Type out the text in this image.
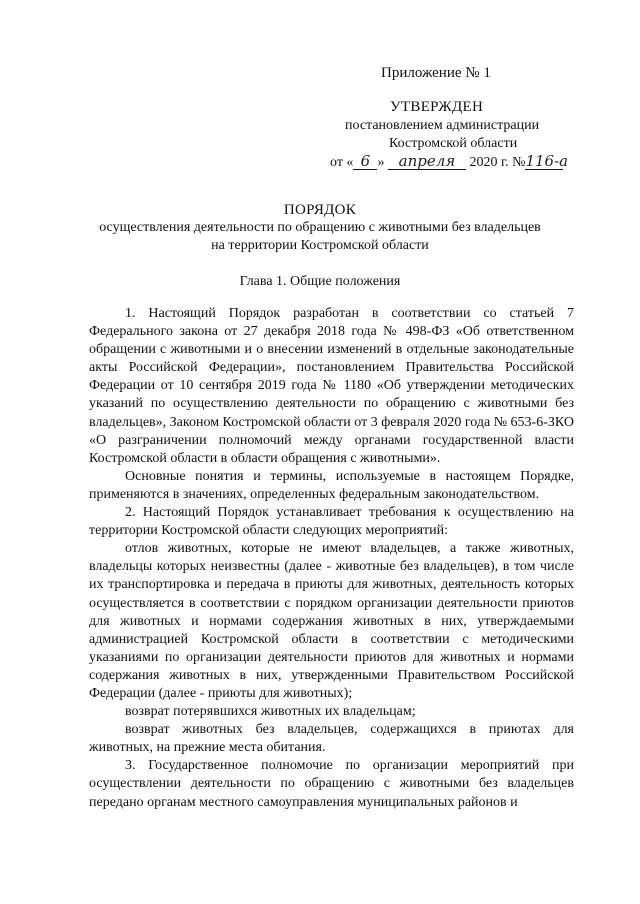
Приложение № 1
УТВЕРЖДЕН
постановлением администрации
Костромской области
от « 6 » апреля 2020 г. №116-а
ПОРЯДОК
осуществления деятельности по обращению с животными без владельцев
на территории Костромской области
Глава 1. Общие положения

1. Настоящий Порядок разработан в соответствии со статьей 7 Федерального закона от 27 декабря 2018 года № 498-ФЗ «Об ответственном обращении с животными и о внесении изменений в отдельные законодательные акты Российской Федерации», постановлением Правительства Российской Федерации от 10 сентября 2019 года № 1180 «Об утверждении методических указаний по осуществлению деятельности по обращению с животными без владельцев», Законом Костромской области от 3 февраля 2020 года № 653-6-ЗКО «О разграничении полномочий между органами государственной власти Костромской области в области обращения с животными».

Основные понятия и термины, используемые в настоящем Порядке, применяются в значениях, определенных федеральным законодательством.

2. Настоящий Порядок устанавливает требования к осуществлению на территории Костромской области следующих мероприятий:

отлов животных, которые не имеют владельцев, а также животных, владельцы которых неизвестны (далее - животные без владельцев), в том числе их транспортировка и передача в приюты для животных, деятельность которых осуществляется в соответствии с порядком организации деятельности приютов для животных и нормами содержания животных в них, утверждаемыми администрацией Костромской области в соответствии с методическими указаниями по организации деятельности приютов для животных и нормами содержания животных в них, утвержденными Правительством Российской Федерации (далее - приюты для животных);

возврат потерявшихся животных их владельцам;

возврат животных без владельцев, содержащихся в приютах для животных, на прежние места обитания.

3. Государственное полномочие по организации мероприятий при осуществлении деятельности по обращению с животными без владельцев передано органам местного самоуправления муниципальных районов и
